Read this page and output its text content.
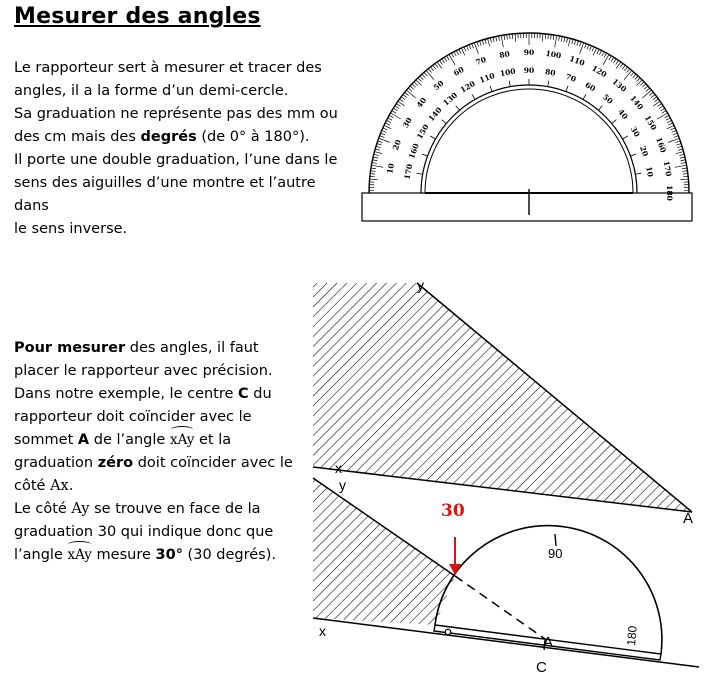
Mesurer des angles
Le rapporteur sert à mesurer et tracer des
angles, il a la forme d’un demi-cercle.
Sa graduation ne représente pas des mm ou
des cm mais des degrés (de 0° à 180°).
Il porte une double graduation, l’une dans le
sens des aiguilles d’une montre et l’autre dans
le sens inverse.
Pour mesurer des angles, il faut
placer le rapporteur avec précision.
Dans notre exemple, le centre C du
rapporteur doit coïncider avec le
sommet A de l’angle xAy et la
graduation zéro doit coïncider avec le
côté Ax.
Le côté Ay se trouve en face de la
graduation 30 qui indique donc que
l’angle xAy mesure 30° (30 degrés).
10
20
30
40
50
60
70
80 90 100 110
120
130
140
150
160
170
180
170
160
150
140
130
120
110 100 90 80 70
60
50
40
30
20
10
y
x
A
90
180
y
x
A
C
30
